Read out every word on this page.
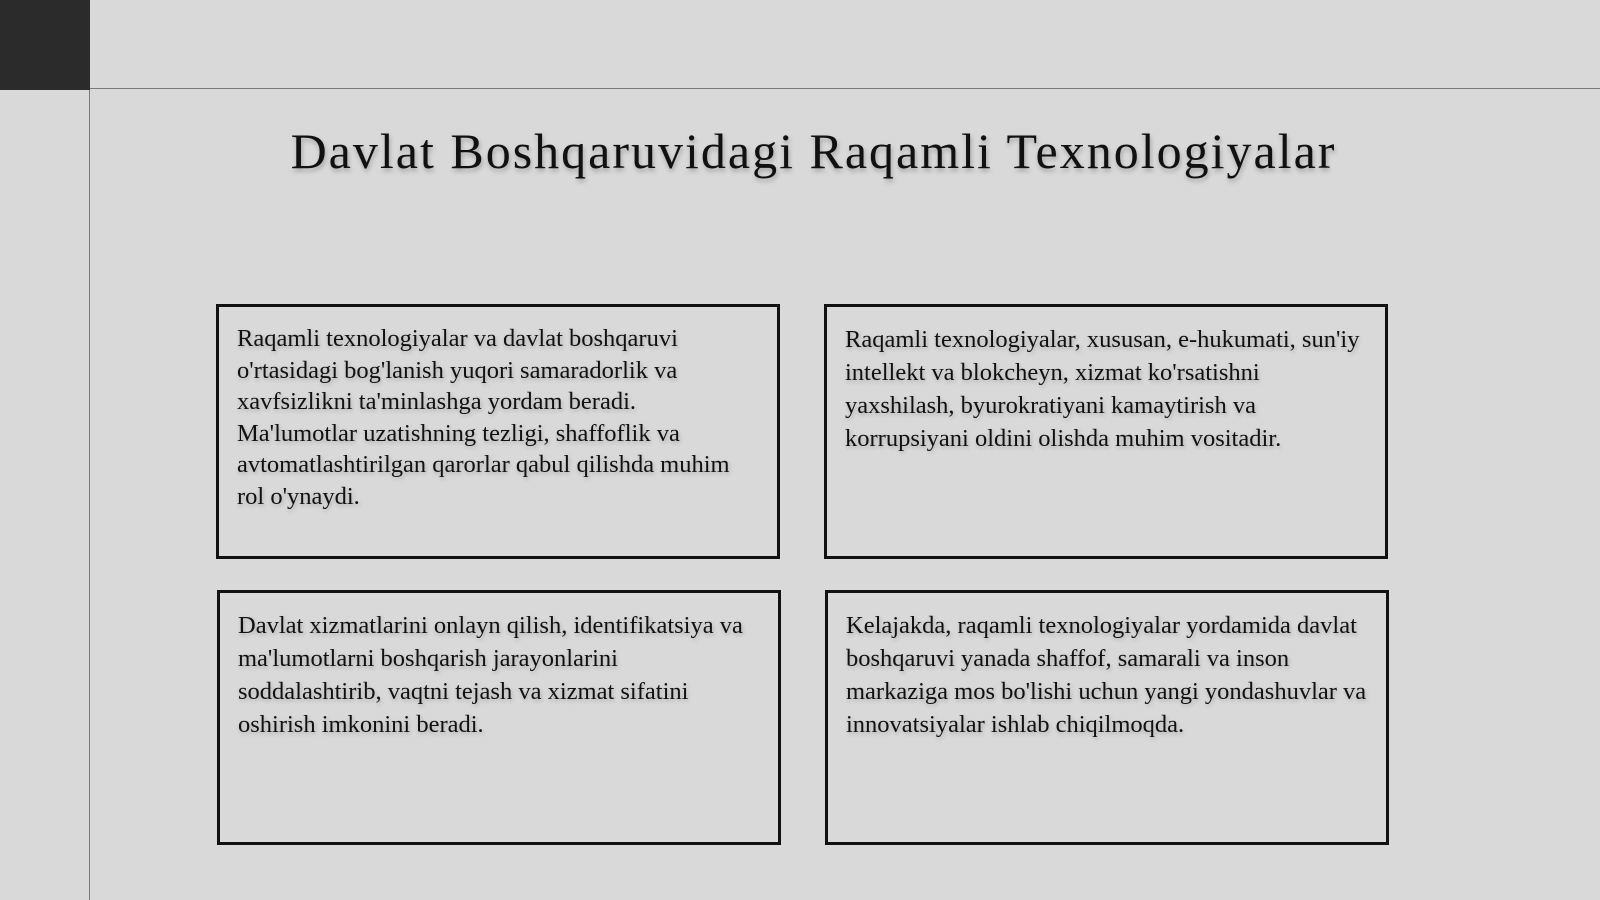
Davlat Boshqaruvidagi Raqamli Texnologiyalar
Raqamli texnologiyalar va davlat boshqaruvi o'rtasidagi bog'lanish yuqori samaradorlik va xavfsizlikni ta'minlashga yordam beradi. Ma'lumotlar uzatishning tezligi, shaffoflik va avtomatlashtirilgan qarorlar qabul qilishda muhim rol o'ynaydi.
Raqamli texnologiyalar, xususan, e-hukumati, sun'iy intellekt va blokcheyn, xizmat ko'rsatishni yaxshilash, byurokratiyani kamaytirish va korrupsiyani oldini olishda muhim vositadir.
Davlat xizmatlarini onlayn qilish, identifikatsiya va ma'lumotlarni boshqarish jarayonlarini soddalashtirib, vaqtni tejash va xizmat sifatini oshirish imkonini beradi.
Kelajakda, raqamli texnologiyalar yordamida davlat boshqaruvi yanada shaffof, samarali va inson markaziga mos bo'lishi uchun yangi yondashuvlar va innovatsiyalar ishlab chiqilmoqda.
